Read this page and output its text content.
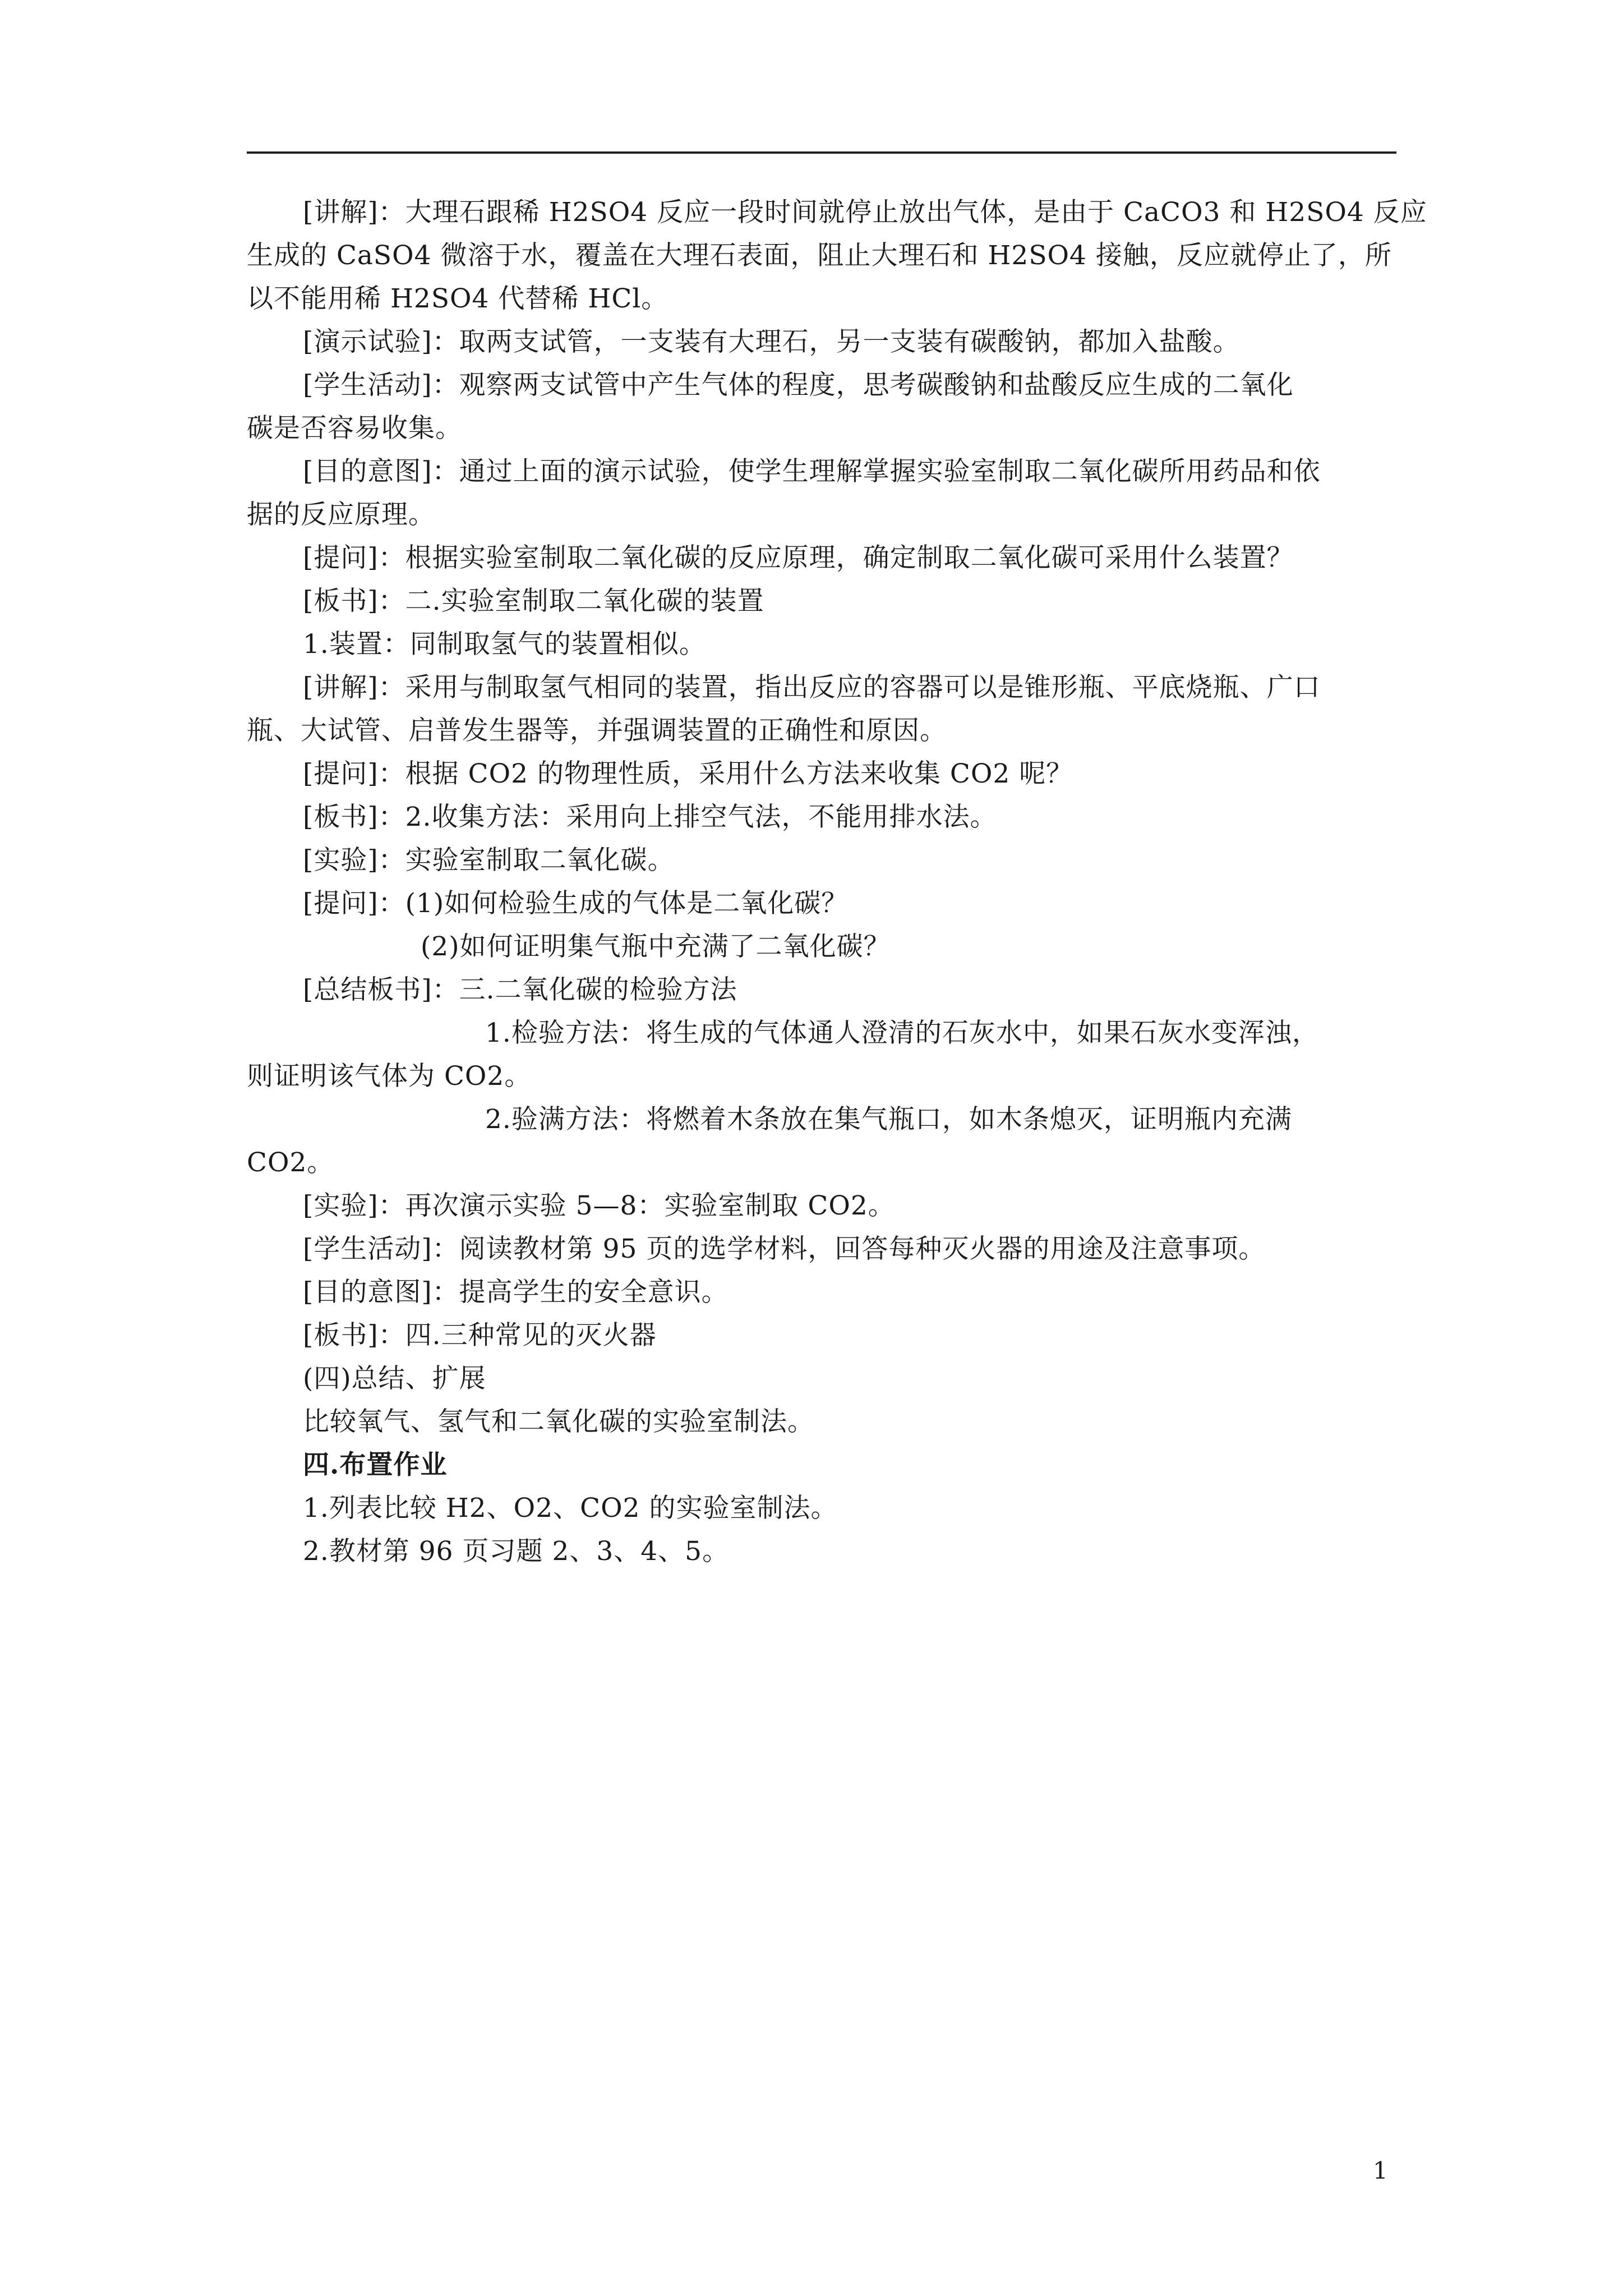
[讲解]：大理石跟稀 H2SO4 反应一段时间就停止放出气体，是由于 CaCO3 和 H2SO4 反应
生成的 CaSO4 微溶于水，覆盖在大理石表面，阻止大理石和 H2SO4 接触，反应就停止了，所
以不能用稀 H2SO4 代替稀 HCl。
[演示试验]：取两支试管，一支装有大理石，另一支装有碳酸钠，都加入盐酸。
[学生活动]：观察两支试管中产生气体的程度，思考碳酸钠和盐酸反应生成的二氧化
碳是否容易收集。
[目的意图]：通过上面的演示试验，使学生理解掌握实验室制取二氧化碳所用药品和依
据的反应原理。
[提问]：根据实验室制取二氧化碳的反应原理，确定制取二氧化碳可采用什么装置？
[板书]：二.实验室制取二氧化碳的装置
1.装置：同制取氢气的装置相似。
[讲解]：采用与制取氢气相同的装置，指出反应的容器可以是锥形瓶、平底烧瓶、广口
瓶、大试管、启普发生器等，并强调装置的正确性和原因。
[提问]：根据 CO2 的物理性质，采用什么方法来收集 CO2 呢？
[板书]：2.收集方法：采用向上排空气法，不能用排水法。
[实验]：实验室制取二氧化碳。
[提问]：(1)如何检验生成的气体是二氧化碳？
(2)如何证明集气瓶中充满了二氧化碳？
[总结板书]：三.二氧化碳的检验方法
1.检验方法：将生成的气体通人澄清的石灰水中，如果石灰水变浑浊，
则证明该气体为 CO2。
2.验满方法：将燃着木条放在集气瓶口，如木条熄灭，证明瓶内充满
CO2。
[实验]：再次演示实验 5—8：实验室制取 CO2。
[学生活动]：阅读教材第 95 页的选学材料，回答每种灭火器的用途及注意事项。
[目的意图]：提高学生的安全意识。
[板书]：四.三种常见的灭火器
(四)总结、扩展
比较氧气、氢气和二氧化碳的实验室制法。
四.布置作业
1.列表比较 H2、O2、CO2 的实验室制法。
2.教材第 96 页习题 2、3、4、5。
1
